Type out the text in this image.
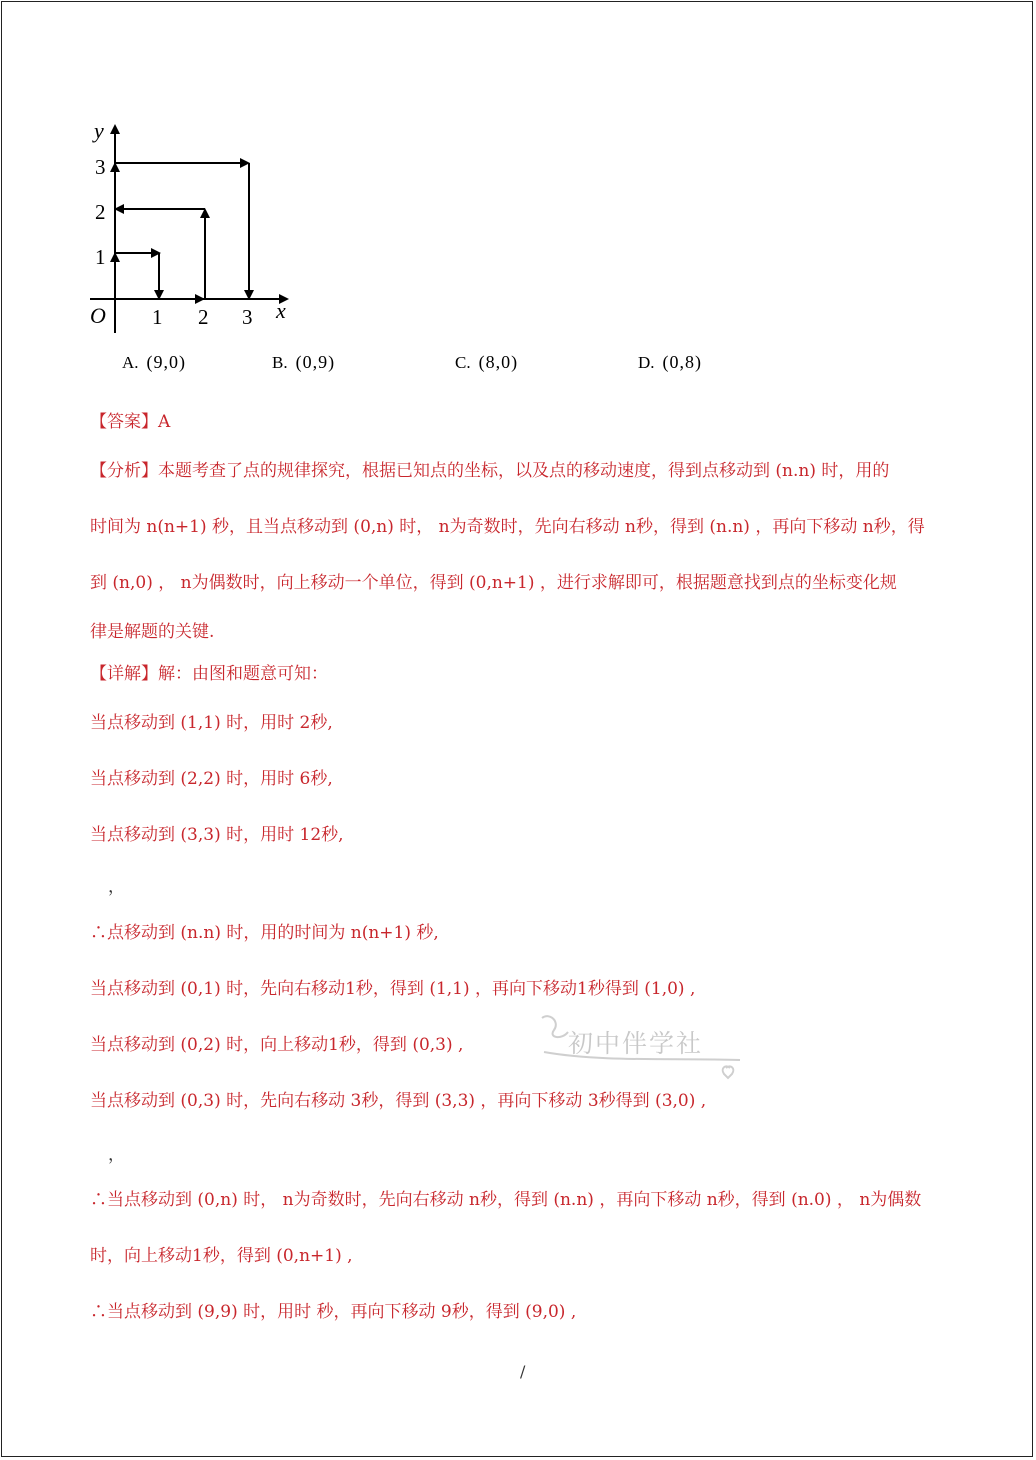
y
x
O
1
2
3
1 2 3
A. (9,0)	B. (0,9)	C. (8,0)	D. (0,8)
【答案】A
【分析】本题考查了点的规律探究，根据已知点的坐标，以及点的移动速度，得到点移动到 (n.n) 时，用的
时间为 n(n+1) 秒，且当点移动到 (0,n) 时， n为奇数时，先向右移动 n秒，得到 (n.n) ，再向下移动 n秒，得
到 (n,0) ， n为偶数时，向上移动一个单位，得到 (0,n+1) ，进行求解即可，根据题意找到点的坐标变化规
律是解题的关键.
【详解】解：由图和题意可知：
当点移动到 (1,1) 时，用时 2秒,
当点移动到 (2,2) 时，用时 6秒,
当点移动到 (3,3) 时，用时 12秒,
，
∴点移动到 (n.n) 时，用的时间为 n(n+1) 秒,
当点移动到 (0,1) 时，先向右移动1秒，得到 (1,1) ，再向下移动1秒得到 (1,0) ,
当点移动到 (0,2) 时，向上移动1秒，得到 (0,3) ,
当点移动到 (0,3) 时，先向右移动 3秒，得到 (3,3) ，再向下移动 3秒得到 (3,0) ,
，
∴当点移动到 (0,n) 时， n为奇数时，先向右移动 n秒，得到 (n.n) ，再向下移动 n秒，得到 (n.0) ， n为偶数
时，向上移动1秒，得到 (0,n+1) ,
∴当点移动到 (9,9) 时，用时 秒，再向下移动 9秒，得到 (9,0) ,
初中伴学社
/
